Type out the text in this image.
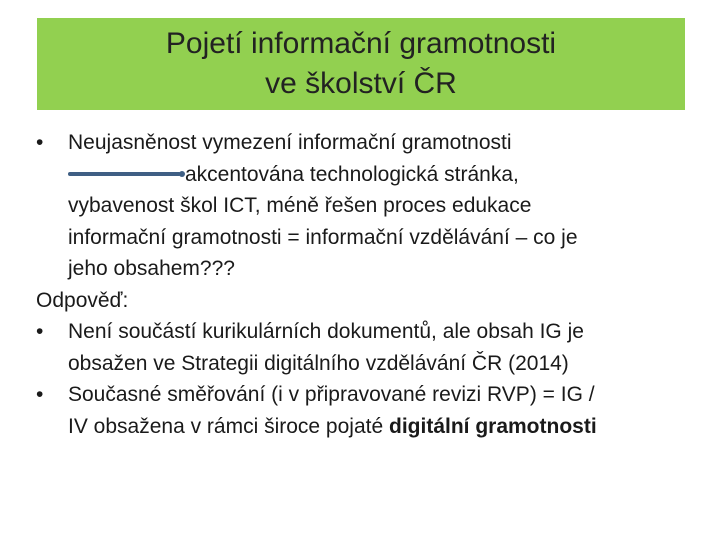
Pojetí informační gramotnosti
ve školství ČR
• Neujasněnost vymezení informační gramotnosti
akcentována technologická stránka,
vybavenost škol ICT, méně řešen proces edukace
informační gramotnosti = informační vzdělávání – co je
jeho obsahem???
Odpověď:
• Není součástí kurikulárních dokumentů, ale obsah IG je
obsažen ve Strategii digitálního vzdělávání ČR (2014)
• Současné směřování (i v připravované revizi RVP) = IG /
IV obsažena v rámci široce pojaté digitální gramotnosti
